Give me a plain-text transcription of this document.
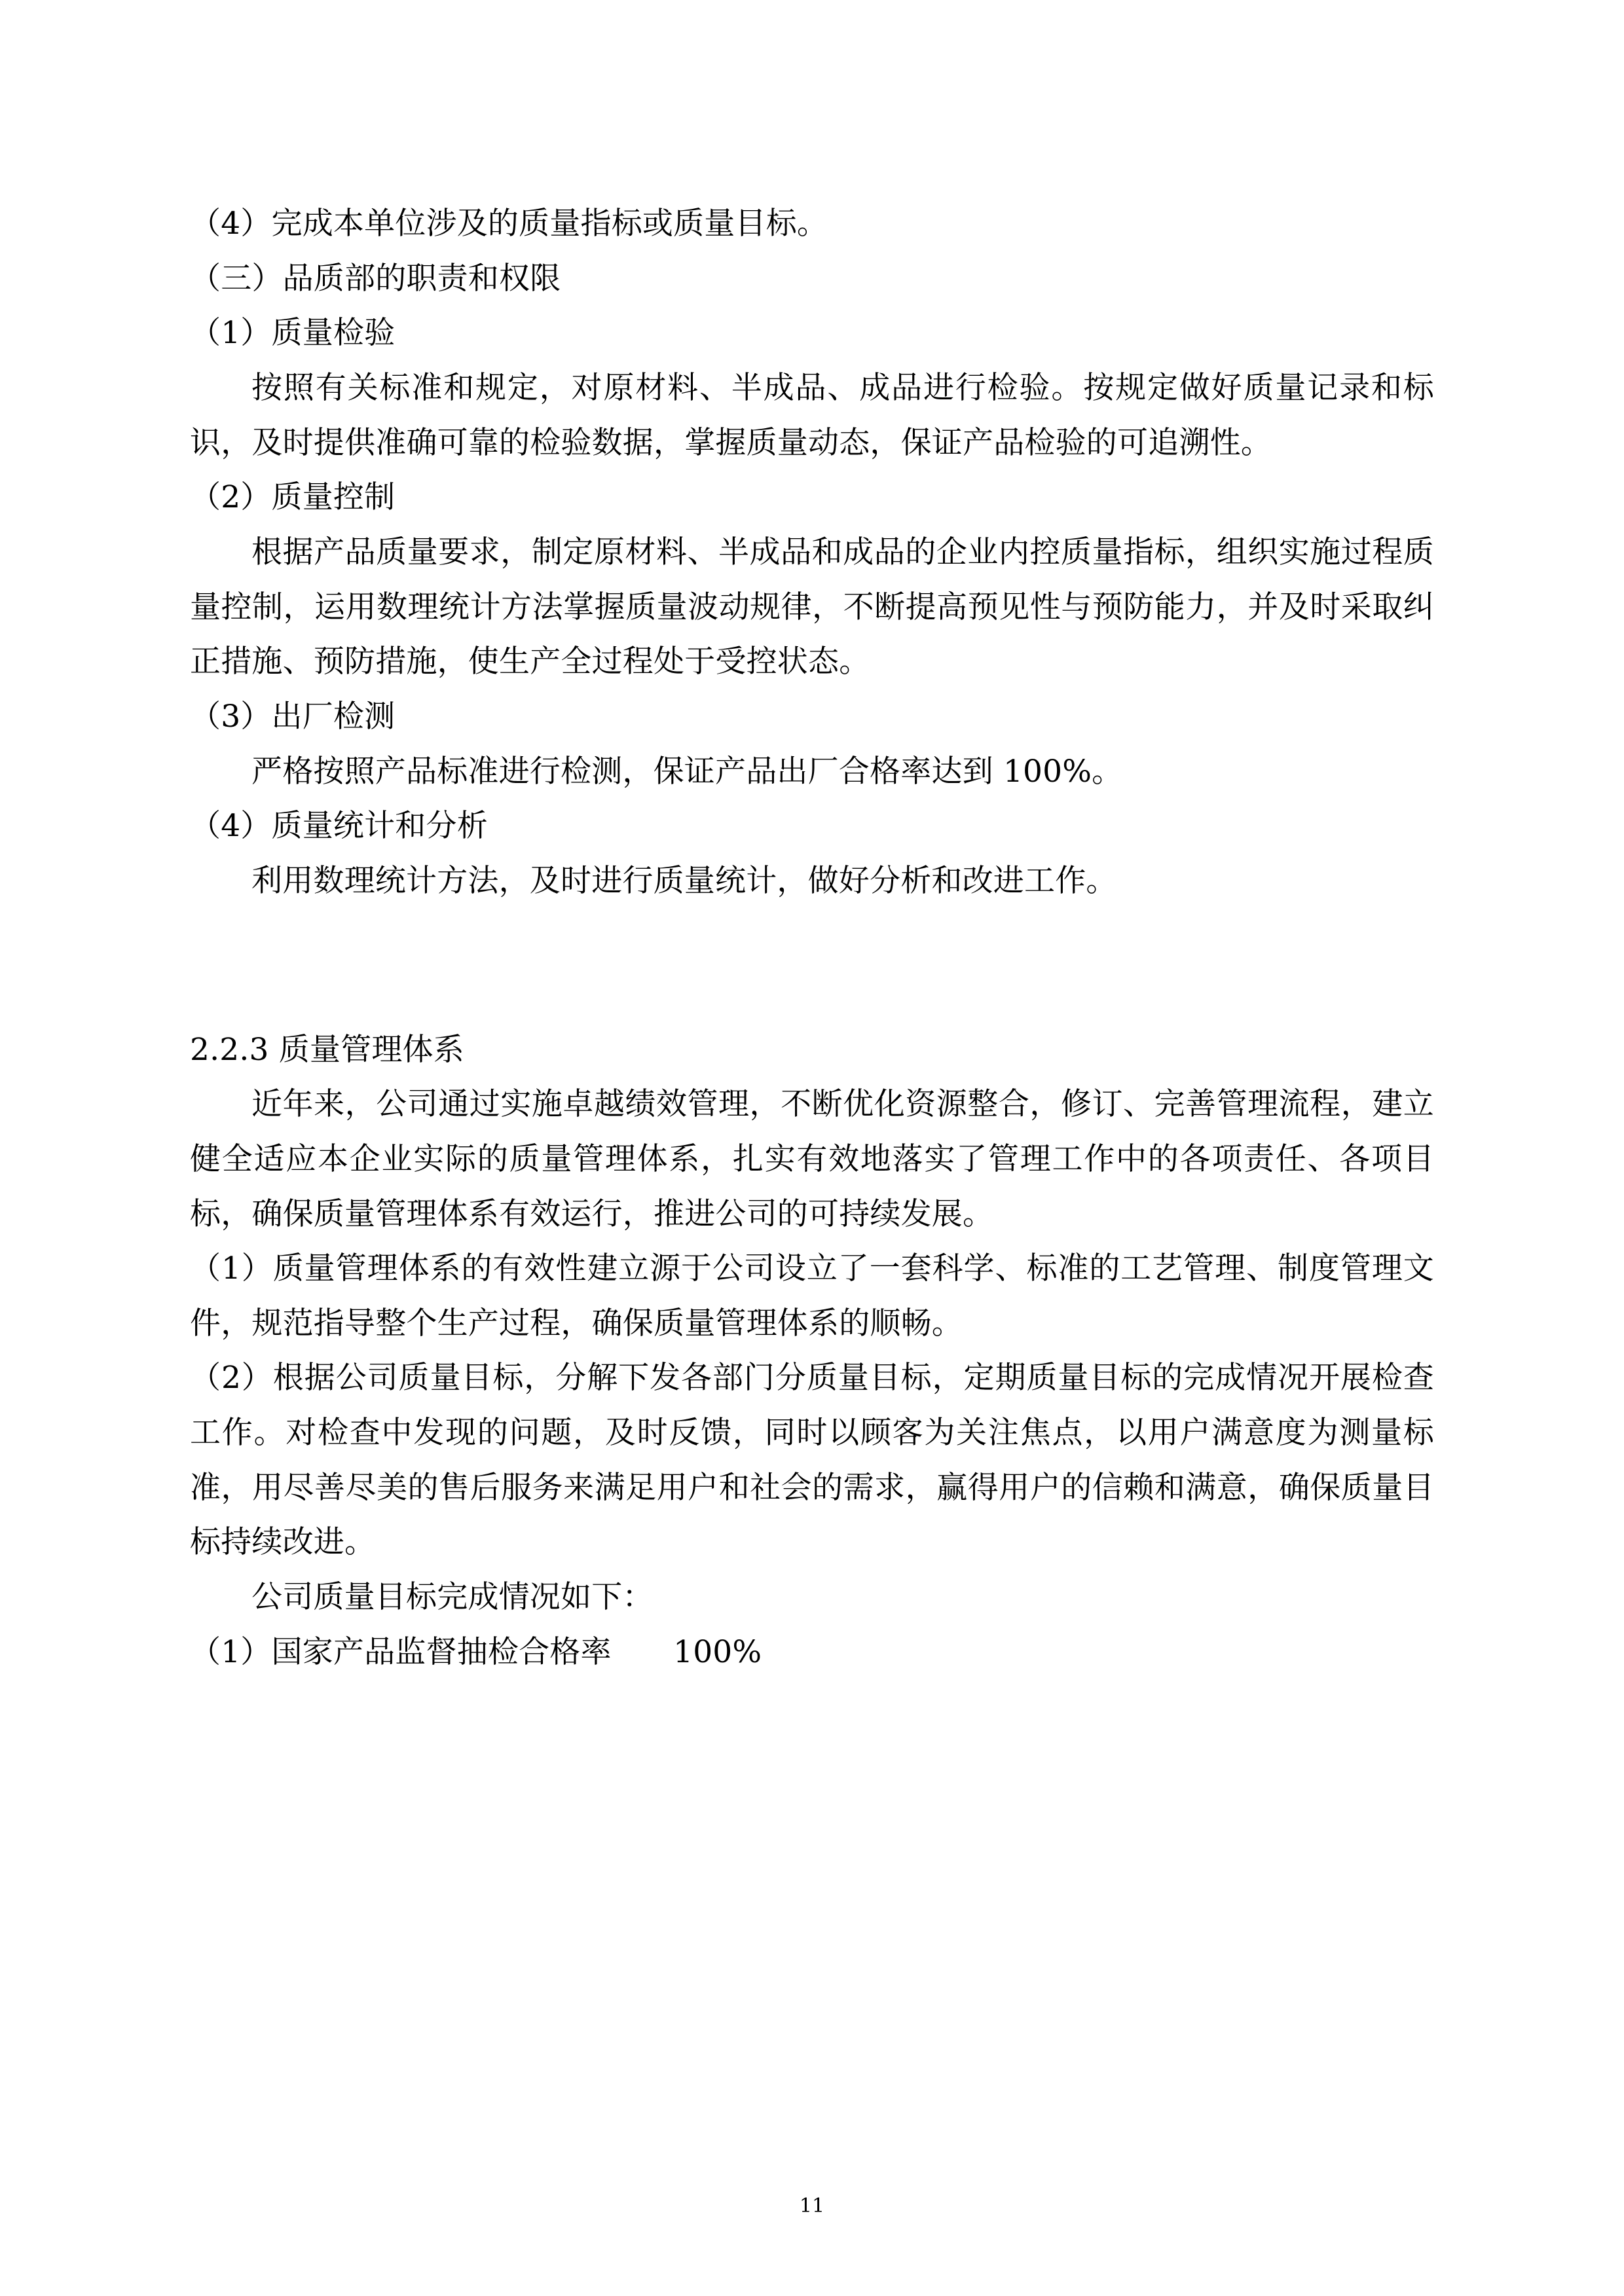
（4）完成本单位涉及的质量指标或质量目标。

（三）品质部的职责和权限

（1）质量检验

按照有关标准和规定，对原材料、半成品、成品进行检验。按规定做好质量记录和标识，及时提供准确可靠的检验数据，掌握质量动态，保证产品检验的可追溯性。

（2）质量控制

根据产品质量要求，制定原材料、半成品和成品的企业内控质量指标，组织实施过程质量控制，运用数理统计方法掌握质量波动规律，不断提高预见性与预防能力，并及时采取纠正措施、预防措施，使生产全过程处于受控状态。

（3）出厂检测

严格按照产品标准进行检测，保证产品出厂合格率达到 100%。

（4）质量统计和分析

利用数理统计方法，及时进行质量统计，做好分析和改进工作。

2.2.3 质量管理体系

近年来，公司通过实施卓越绩效管理，不断优化资源整合，修订、完善管理流程，建立健全适应本企业实际的质量管理体系，扎实有效地落实了管理工作中的各项责任、各项目标，确保质量管理体系有效运行，推进公司的可持续发展。

（1）质量管理体系的有效性建立源于公司设立了一套科学、标准的工艺管理、制度管理文件，规范指导整个生产过程，确保质量管理体系的顺畅。

（2）根据公司质量目标，分解下发各部门分质量目标，定期质量目标的完成情况开展检查工作。对检查中发现的问题，及时反馈，同时以顾客为关注焦点，以用户满意度为测量标准，用尽善尽美的售后服务来满足用户和社会的需求，赢得用户的信赖和满意，确保质量目标持续改进。

公司质量目标完成情况如下：

（1）国家产品监督抽检合格率　　100%

11
